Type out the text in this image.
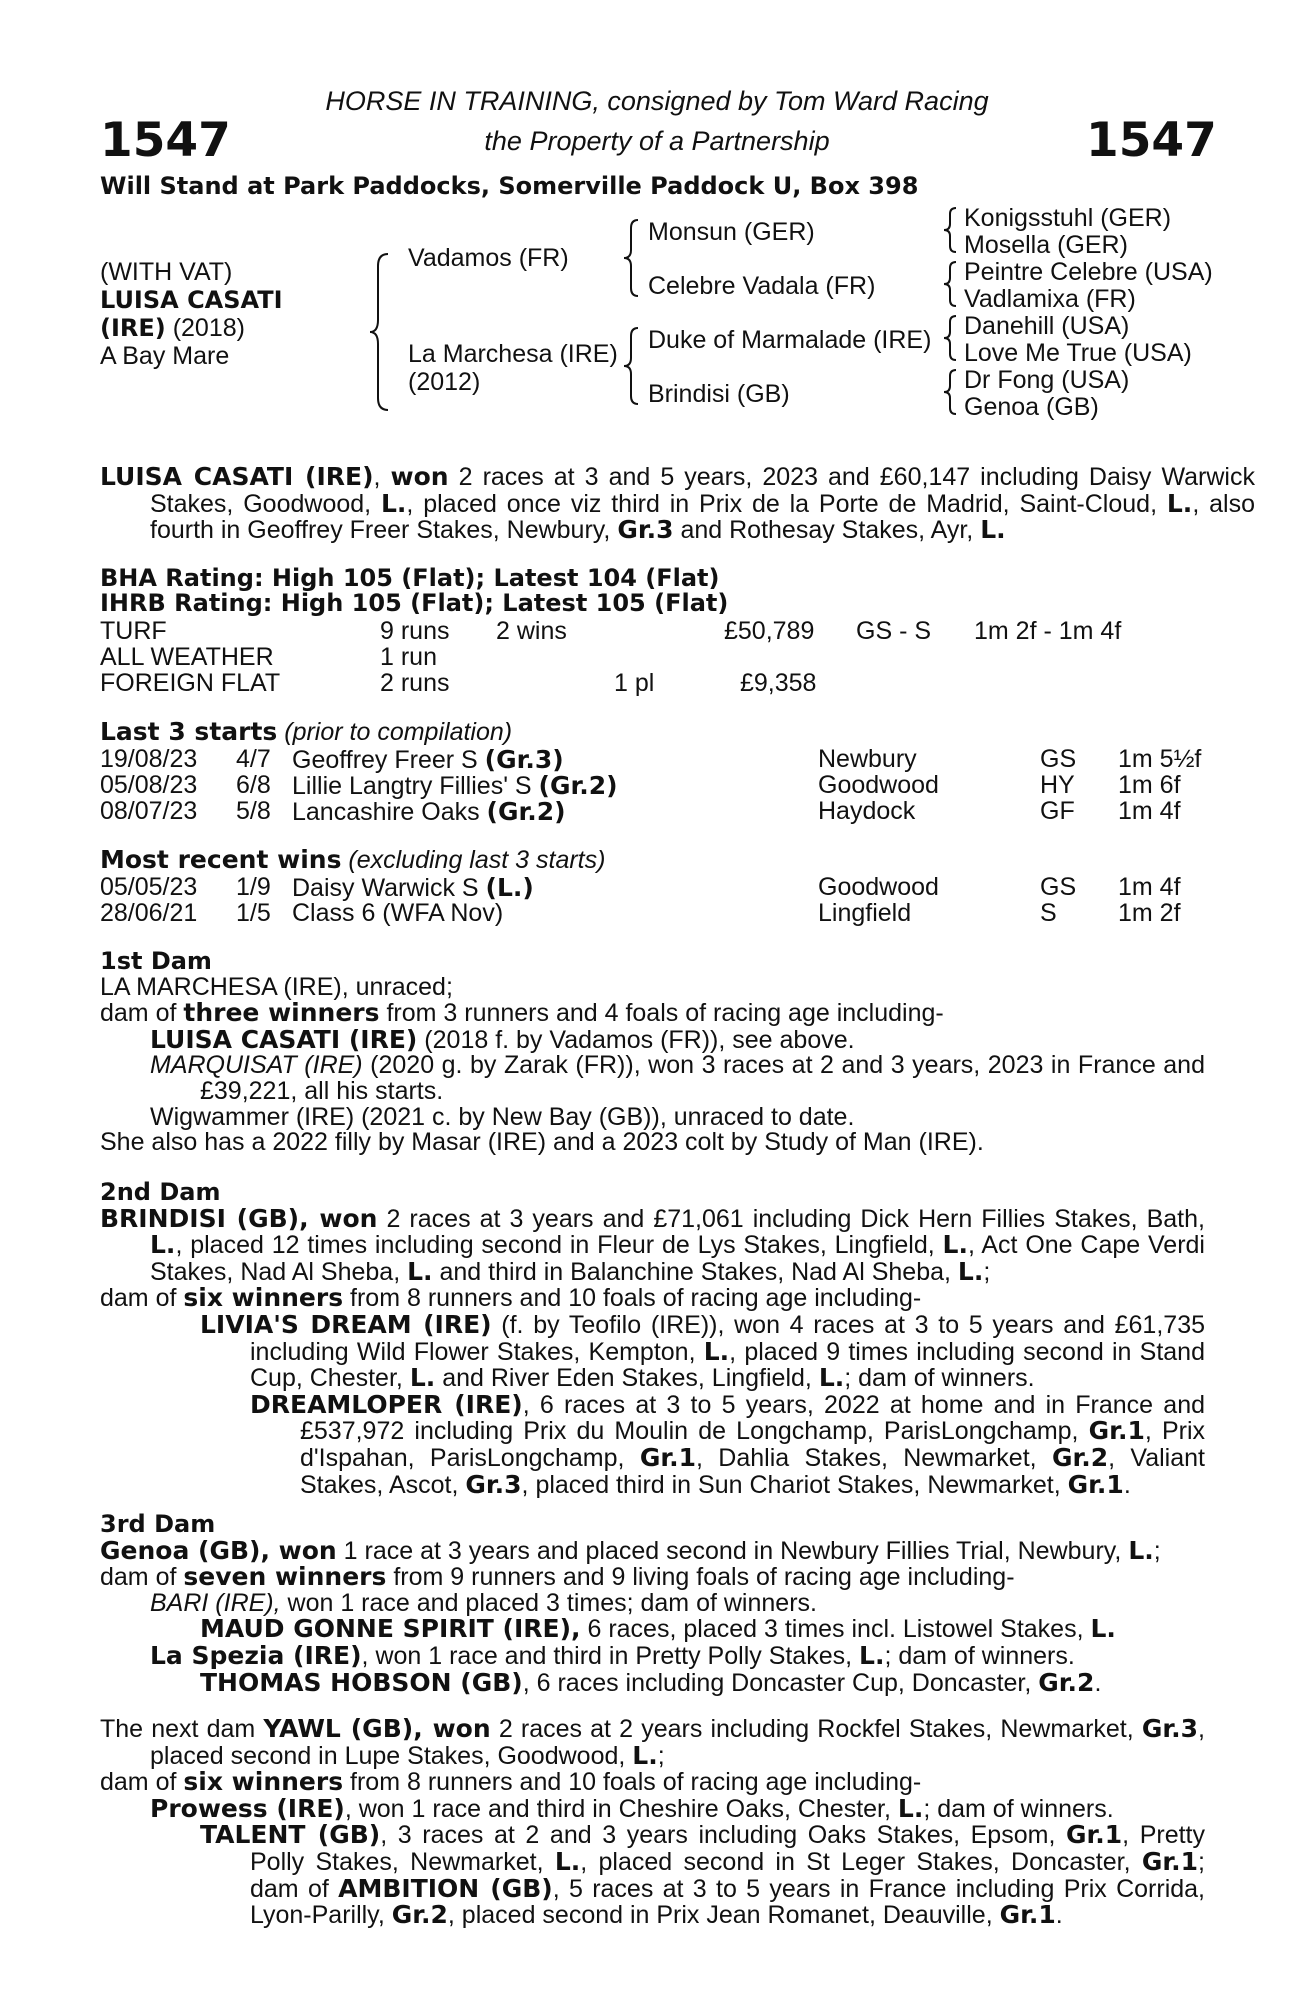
1547	1547
HORSE IN TRAINING, consigned by Tom Ward Racing
the Property of a Partnership
Will Stand at Park Paddocks, Somerville Paddock U, Box 398
(WITH VAT)
LUISA CASATI
(IRE) (2018)
A Bay Mare
Vadamos (FR)
La Marchesa (IRE)
(2012)
Monsun (GER)
Celebre Vadala (FR)
Duke of Marmalade (IRE)
Brindisi (GB)
Konigsstuhl (GER)
Mosella (GER)
Peintre Celebre (USA)
Vadlamixa (FR)
Danehill (USA)
Love Me True (USA)
Dr Fong (USA)
Genoa (GB)
LUISA CASATI (IRE), won 2 races at 3 and 5 years, 2023 and £60,147 including Daisy Warwick Stakes, Goodwood, L., placed once viz third in Prix de la Porte de Madrid, Saint-Cloud, L., also fourth in Geoffrey Freer Stakes, Newbury, Gr.3 and Rothesay Stakes, Ayr, L.
BHA Rating: High 105 (Flat); Latest 104 (Flat)
IHRB Rating: High 105 (Flat); Latest 105 (Flat)
TURF	9 runs 2 wins	£50,789 GS - S 1m 2f - 1m 4f
ALL WEATHER	1 run
FOREIGN FLAT	2 runs	1 pl	£9,358
Last 3 starts (prior to compilation)
19/08/23 4/7 Geoffrey Freer S (Gr.3)	Newbury	GS 1m 5½f
05/08/23 6/8 Lillie Langtry Fillies' S (Gr.2)	Goodwood	HY 1m 6f
08/07/23 5/8 Lancashire Oaks (Gr.2)	Haydock	GF 1m 4f
Most recent wins (excluding last 3 starts)
05/05/23 1/9 Daisy Warwick S (L.)	Goodwood	GS 1m 4f
28/06/21 1/5 Class 6 (WFA Nov)	Lingfield	S 1m 2f
1st Dam
LA MARCHESA (IRE), unraced;
dam of three winners from 3 runners and 4 foals of racing age including-
LUISA CASATI (IRE) (2018 f. by Vadamos (FR)), see above.
MARQUISAT (IRE) (2020 g. by Zarak (FR)), won 3 races at 2 and 3 years, 2023 in France and £39,221, all his starts.
Wigwammer (IRE) (2021 c. by New Bay (GB)), unraced to date.
She also has a 2022 filly by Masar (IRE) and a 2023 colt by Study of Man (IRE).
2nd Dam
BRINDISI (GB), won 2 races at 3 years and £71,061 including Dick Hern Fillies Stakes, Bath, L., placed 12 times including second in Fleur de Lys Stakes, Lingfield, L., Act One Cape Verdi Stakes, Nad Al Sheba, L. and third in Balanchine Stakes, Nad Al Sheba, L.;
dam of six winners from 8 runners and 10 foals of racing age including-
LIVIA'S DREAM (IRE) (f. by Teofilo (IRE)), won 4 races at 3 to 5 years and £61,735 including Wild Flower Stakes, Kempton, L., placed 9 times including second in Stand Cup, Chester, L. and River Eden Stakes, Lingfield, L.; dam of winners.
DREAMLOPER (IRE), 6 races at 3 to 5 years, 2022 at home and in France and £537,972 including Prix du Moulin de Longchamp, ParisLongchamp, Gr.1, Prix d'Ispahan, ParisLongchamp, Gr.1, Dahlia Stakes, Newmarket, Gr.2, Valiant Stakes, Ascot, Gr.3, placed third in Sun Chariot Stakes, Newmarket, Gr.1.
3rd Dam
Genoa (GB), won 1 race at 3 years and placed second in Newbury Fillies Trial, Newbury, L.;
dam of seven winners from 9 runners and 9 living foals of racing age including-
BARI (IRE), won 1 race and placed 3 times; dam of winners.
MAUD GONNE SPIRIT (IRE), 6 races, placed 3 times incl. Listowel Stakes, L.
La Spezia (IRE), won 1 race and third in Pretty Polly Stakes, L.; dam of winners.
THOMAS HOBSON (GB), 6 races including Doncaster Cup, Doncaster, Gr.2.
The next dam YAWL (GB), won 2 races at 2 years including Rockfel Stakes, Newmarket, Gr.3, placed second in Lupe Stakes, Goodwood, L.;
dam of six winners from 8 runners and 10 foals of racing age including-
Prowess (IRE), won 1 race and third in Cheshire Oaks, Chester, L.; dam of winners.
TALENT (GB), 3 races at 2 and 3 years including Oaks Stakes, Epsom, Gr.1, Pretty Polly Stakes, Newmarket, L., placed second in St Leger Stakes, Doncaster, Gr.1; dam of AMBITION (GB), 5 races at 3 to 5 years in France including Prix Corrida, Lyon-Parilly, Gr.2, placed second in Prix Jean Romanet, Deauville, Gr.1.
